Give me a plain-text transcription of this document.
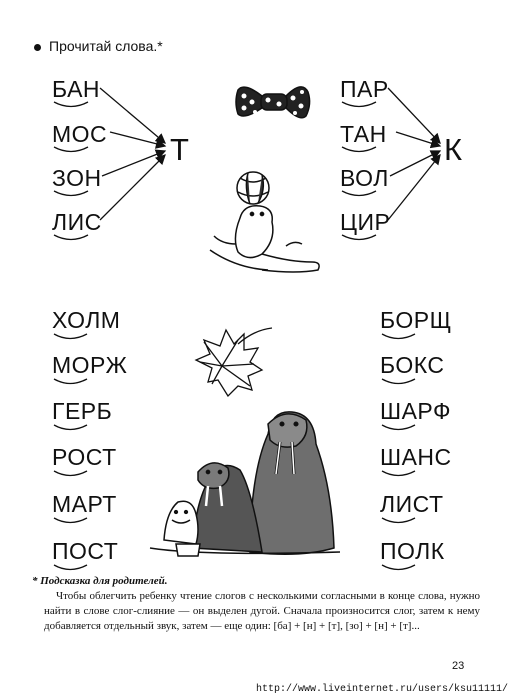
Прочитай слова.*
БАН
МОС
ЗОН
ЛИС
Т
ПАР
ТАН
ВОЛ
ЦИР
К
ХОЛМ
МОРЖ
ГЕРБ
РОСТ
МАРТ
ПОСТ
БОРЩ
БОКС
ШАРФ
ШАНС
ЛИСТ
ПОЛК
* Подсказка для родителей.
Чтобы облегчить ребенку чтение слогов с несколькими согласными в конце слова, нужно найти в слове слог-слияние — он выделен дугой. Сначала произносится слог, затем к нему добавляется отдельный звук, затем — еще один: [ба] + [н] + [т], [зо] + [н] + [т]...
23
http://www.liveinternet.ru/users/ksu11111/
